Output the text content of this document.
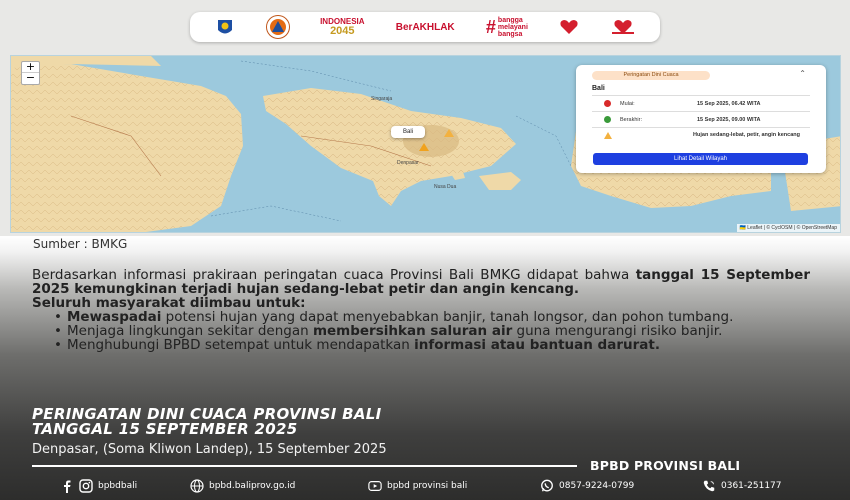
INDONESIA
2045	BerAKHLAK # bangga
melayani
bangsa
+
−
Singaraja
Denpasar
Nusa Dua
Bali
🇺🇦 Leaflet | © CyclOSM | © OpenStreetMap
Peringatan Dini Cuaca	⌃
Bali
Mulai:	15 Sep 2025, 06.42 WITA
Berakhir:	15 Sep 2025, 09.00 WITA
Hujan sedang-lebat, petir, angin kencang
Lihat Detail Wilayah
Sumber : BMKG
Berdasarkan informasi prakiraan peringatan cuaca Provinsi Bali BMKG didapat bahwa tanggal 15 September 2025 kemungkinan terjadi hujan sedang-lebat petir dan angin kencang.
Seluruh masyarakat diimbau untuk:
• Mewaspadai potensi hujan yang dapat menyebabkan banjir, tanah longsor, dan pohon tumbang.
• Menjaga lingkungan sekitar dengan membersihkan saluran air guna mengurangi risiko banjir.
• Menghubungi BPBD setempat untuk mendapatkan informasi atau bantuan darurat.
PERINGATAN DINI CUACA PROVINSI BALI
TANGGAL 15 SEPTEMBER 2025
Denpasar, (Soma Kliwon Landep), 15 September 2025
BPBD PROVINSI BALI
bpbdbali	bpbd.baliprov.go.id	bpbd provinsi bali	0857-9224-0799	0361-251177
